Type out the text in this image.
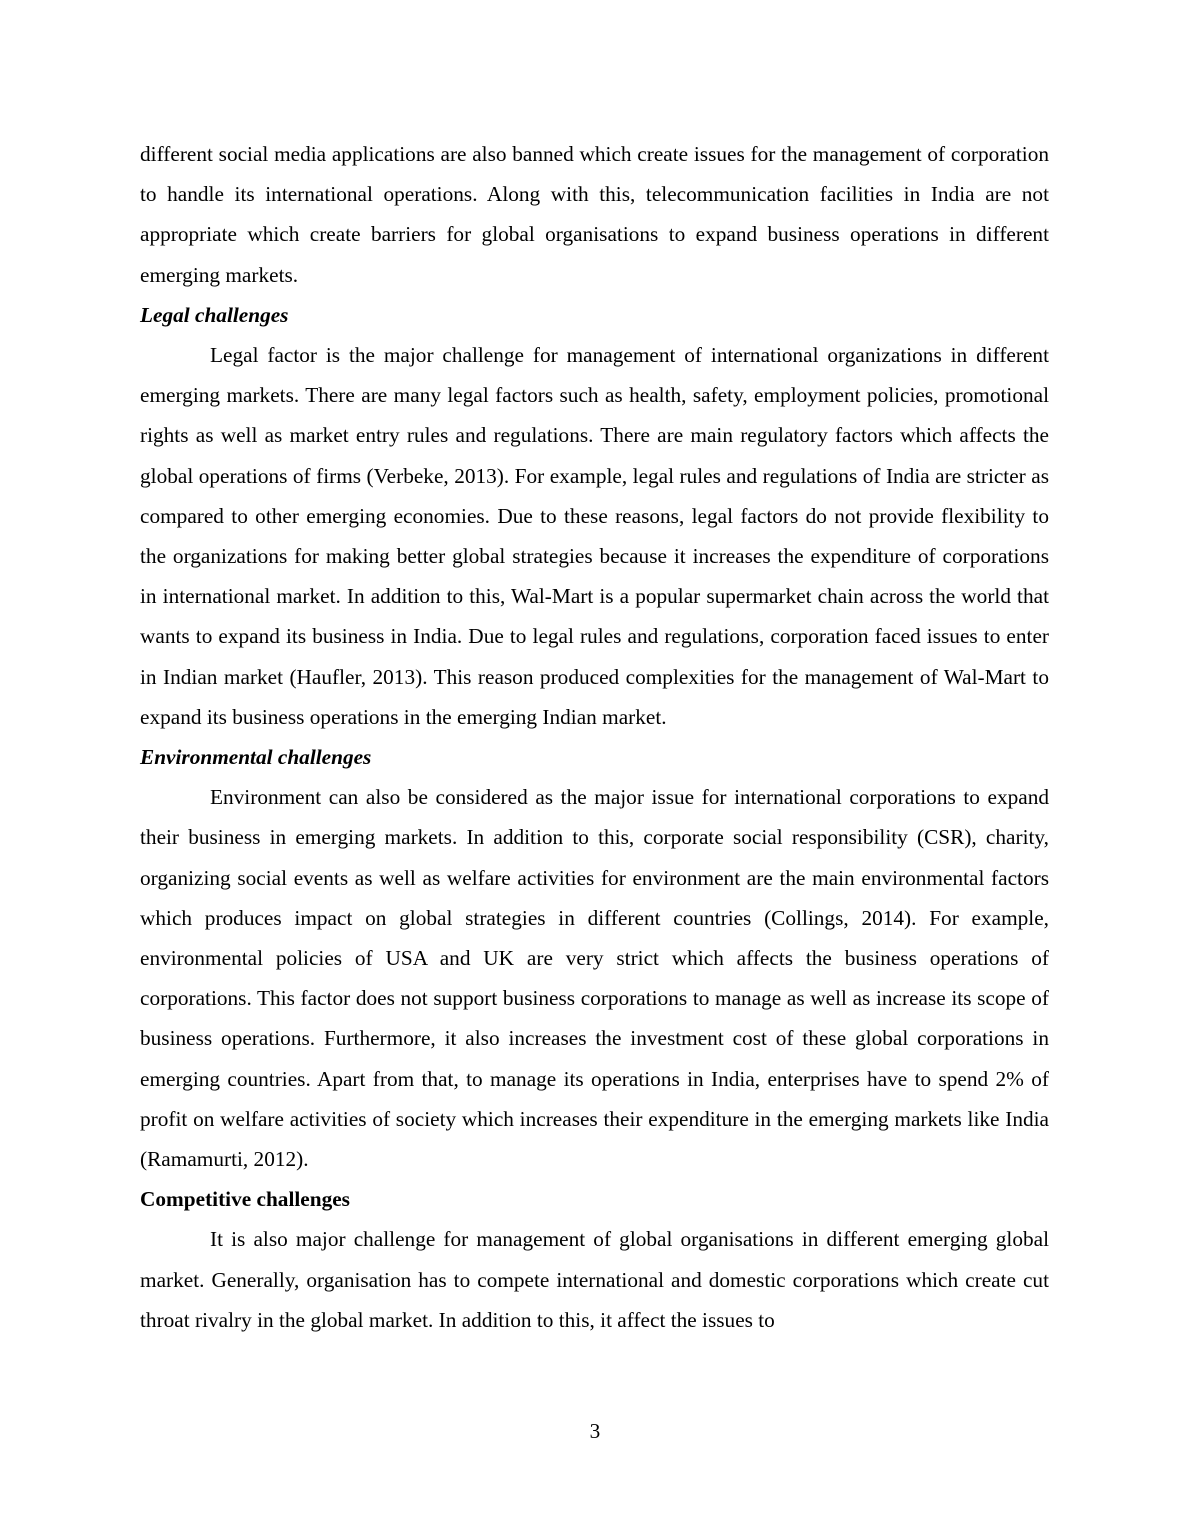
different social media applications are also banned which create issues for the management of corporation to handle its international operations. Along with this, telecommunication facilities in India are not appropriate which create barriers for global organisations to expand business operations in different emerging markets.

Legal challenges

Legal factor is the major challenge for management of international organizations in different emerging markets. There are many legal factors such as health, safety, employment policies, promotional rights as well as market entry rules and regulations. There are main regulatory factors which affects the global operations of firms (Verbeke, 2013). For example, legal rules and regulations of India are stricter as compared to other emerging economies. Due to these reasons, legal factors do not provide flexibility to the organizations for making better global strategies because it increases the expenditure of corporations in international market. In addition to this, Wal-Mart is a popular supermarket chain across the world that wants to expand its business in India. Due to legal rules and regulations, corporation faced issues to enter in Indian market (Haufler, 2013). This reason produced complexities for the management of Wal-Mart to expand its business operations in the emerging Indian market.

Environmental challenges

Environment can also be considered as the major issue for international corporations to expand their business in emerging markets. In addition to this, corporate social responsibility (CSR), charity, organizing social events as well as welfare activities for environment are the main environmental factors which produces impact on global strategies in different countries (Collings, 2014). For example, environmental policies of USA and UK are very strict which affects the business operations of corporations. This factor does not support business corporations to manage as well as increase its scope of business operations. Furthermore, it also increases the investment cost of these global corporations in emerging countries. Apart from that, to manage its operations in India, enterprises have to spend 2% of profit on welfare activities of society which increases their expenditure in the emerging markets like India (Ramamurti, 2012).

Competitive challenges

It is also major challenge for management of global organisations in different emerging global market. Generally, organisation has to compete international and domestic corporations which create cut throat rivalry in the global market. In addition to this, it affect the issues to

3
